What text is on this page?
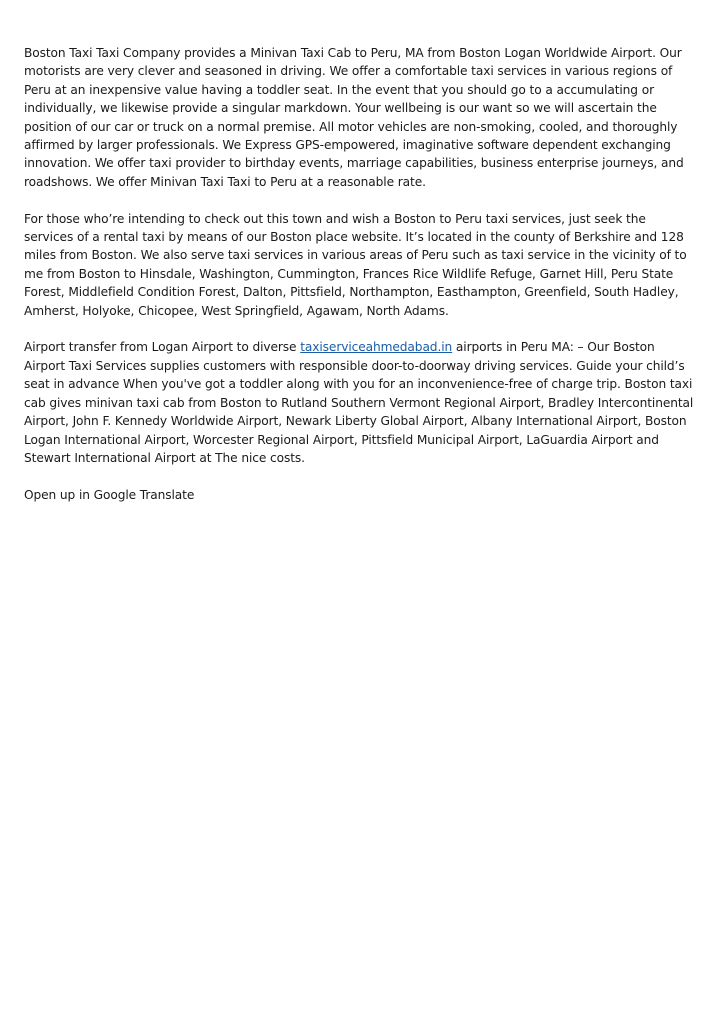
Boston Taxi Taxi Company provides a Minivan Taxi Cab to Peru, MA from Boston Logan Worldwide Airport. Our motorists are very clever and seasoned in driving. We offer a comfortable taxi services in various regions of Peru at an inexpensive value having a toddler seat. In the event that you should go to a accumulating or individually, we likewise provide a singular markdown. Your wellbeing is our want so we will ascertain the position of our car or truck on a normal premise. All motor vehicles are non-smoking, cooled, and thoroughly affirmed by larger professionals. We Express GPS-empowered, imaginative software dependent exchanging innovation. We offer taxi provider to birthday events, marriage capabilities, business enterprise journeys, and roadshows. We offer Minivan Taxi Taxi to Peru at a reasonable rate.

For those who’re intending to check out this town and wish a Boston to Peru taxi services, just seek the services of a rental taxi by means of our Boston place website. It’s located in the county of Berkshire and 128 miles from Boston. We also serve taxi services in various areas of Peru such as taxi service in the vicinity of to me from Boston to Hinsdale, Washington, Cummington, Frances Rice Wildlife Refuge, Garnet Hill, Peru State Forest, Middlefield Condition Forest, Dalton, Pittsfield, Northampton, Easthampton, Greenfield, South Hadley, Amherst, Holyoke, Chicopee, West Springfield, Agawam, North Adams.

Airport transfer from Logan Airport to diverse taxiserviceahmedabad.in airports in Peru MA: – Our Boston Airport Taxi Services supplies customers with responsible door-to-doorway driving services. Guide your child’s seat in advance When you've got a toddler along with you for an inconvenience-free of charge trip. Boston taxi cab gives minivan taxi cab from Boston to Rutland Southern Vermont Regional Airport, Bradley Intercontinental Airport, John F. Kennedy Worldwide Airport, Newark Liberty Global Airport, Albany International Airport, Boston Logan International Airport, Worcester Regional Airport, Pittsfield Municipal Airport, LaGuardia Airport and Stewart International Airport at The nice costs.

Open up in Google Translate
